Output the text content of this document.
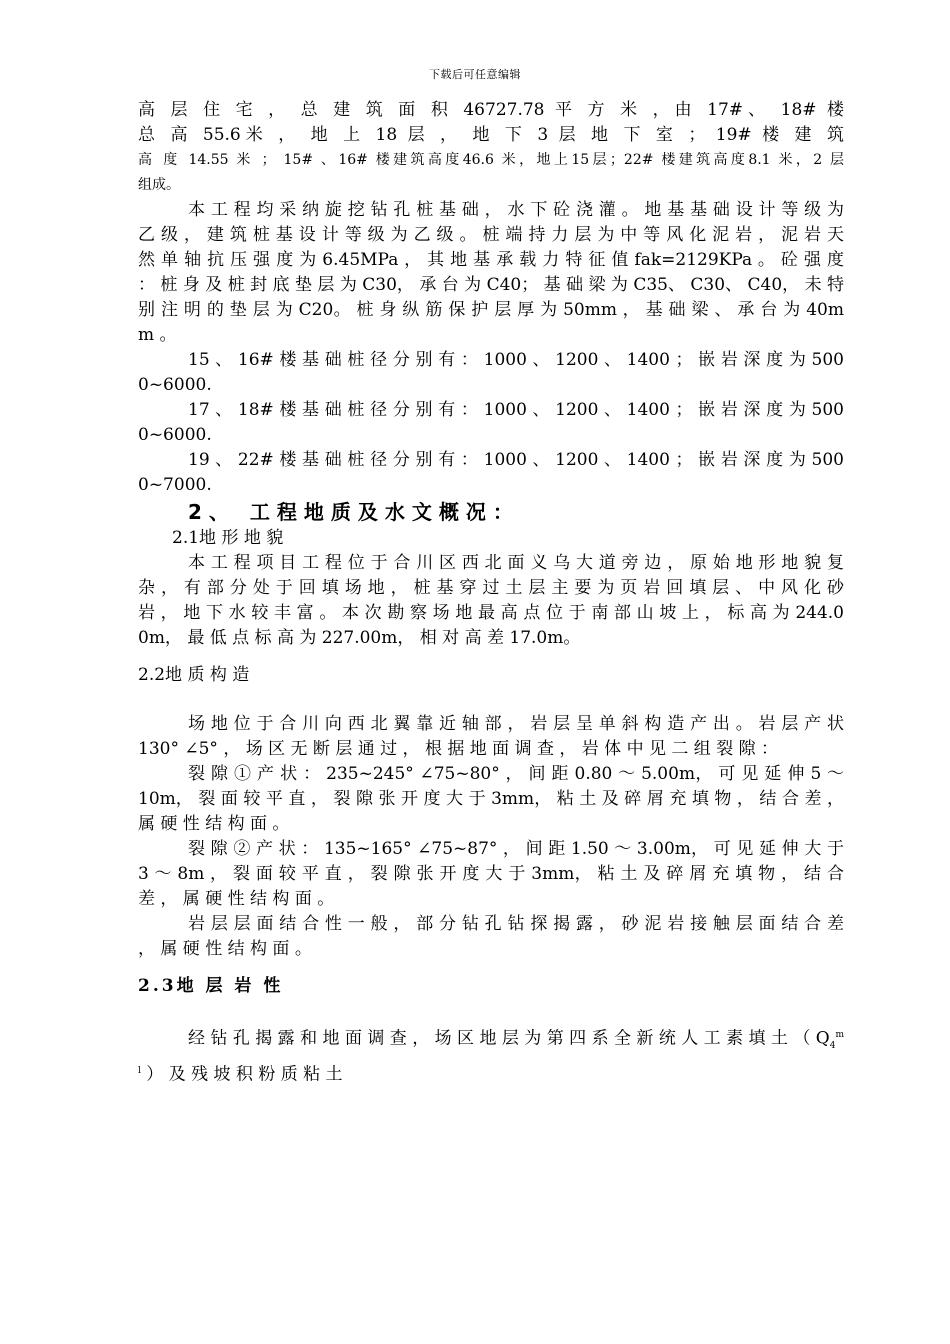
下载后可任意编辑
高 层 住 宅 ， 总 建 筑 面 积 46727.78 平 方 米 ，由 17#、 18# 楼
总 高 55.6米 ， 地 上 18 层 ， 地 下 3 层 地 下 室 ； 19# 楼 建 筑
高 度 14.55 米 ； 15# 、16# 楼建筑高度46.6 米，地上15层；22# 楼建筑高度8.1 米，2 层
组成。
本 工 程 均 采 纳 旋 挖 钻 孔 桩 基 础 ， 水 下 砼 浇 灌 。 地 基 基 础 设 计 等 级 为 乙 级 ， 建 筑 桩 基 设 计 等 级 为 乙 级 。 桩 端 持 力 层 为 中 等 风 化 泥 岩 ， 泥 岩 天 然 单 轴 抗 压 强 度 为 6.45MPa ， 其 地 基 承 载 力 特 征 值 fak=2129KPa 。 砼 强 度 ： 桩 身 及 桩 封 底 垫 层 为 C30， 承 台 为 C40； 基 础 梁 为 C35、 C30、 C40， 未 特 别 注 明 的 垫 层 为 C20。 桩 身 纵 筋 保 护 层 厚 为 50mm ， 基 础 梁 、 承 台 为 40mm 。
15 、 16# 楼 基 础 桩 径 分 别 有 ： 1000 、 1200 、 1400 ； 嵌 岩 深 度 为 5000~6000.
17 、 18# 楼 基 础 桩 径 分 别 有 ： 1000 、 1200 、 1400 ； 嵌 岩 深 度 为 5000~6000.
19 、 22# 楼 基 础 桩 径 分 别 有 ： 1000 、 1200 、 1400 ； 嵌 岩 深 度 为 5000~7000.
2、 工程地质及水文概况：
2.1地 形 地 貌
本 工 程 项 目 工 程 位 于 合 川 区 西 北 面 义 乌 大 道 旁 边 ， 原 始 地 形 地 貌 复 杂 ， 有 部 分 处 于 回 填 场 地 ， 桩 基 穿 过 土 层 主 要 为 页 岩 回 填 层 、 中 风 化 砂 岩 ， 地 下 水 较 丰 富 。 本 次 勘 察 场 地 最 高 点 位 于 南 部 山 坡 上 ， 标 高 为 244.00m， 最 低 点 标 高 为 227.00m， 相 对 高 差 17.0m。
2.2地 质 构 造
场 地 位 于 合 川 向 西 北 翼 靠 近 轴 部 ， 岩 层 呈 单 斜 构 造 产 出 。 岩 层 产 状 130° ∠5° ， 场 区 无 断 层 通 过 ， 根 据 地 面 调 查 ， 岩 体 中 见 二 组 裂 隙 ：
裂 隙 ① 产 状 ： 235~245° ∠75~80° ， 间 距 0.80 ～ 5.00m， 可 见 延 伸 5 ～ 10m， 裂 面 较 平 直 ， 裂 隙 张 开 度 大 于 3mm， 粘 土 及 碎 屑 充 填 物 ， 结 合 差 ， 属 硬 性 结 构 面 。
裂 隙 ② 产 状 ： 135~165° ∠75~87° ， 间 距 1.50 ～ 3.00m， 可 见 延 伸 大 于 3 ～ 8m ， 裂 面 较 平 直 ， 裂 隙 张 开 度 大 于 3mm， 粘 土 及 碎 屑 充 填 物 ， 结 合 差 ， 属 硬 性 结 构 面 。
岩 层 层 面 结 合 性 一 般 ， 部 分 钻 孔 钻 探 揭 露 ， 砂 泥 岩 接 触 层 面 结 合 差 ， 属 硬 性 结 构 面 。
2.3地 层 岩 性
经 钻 孔 揭 露 和 地 面 调 查 ， 场 区 地 层 为 第 四 系 全 新 统 人 工 素 填 土 （ $Q_4^{ml}$ ） 及 残 坡 积 粉 质 粘 土
